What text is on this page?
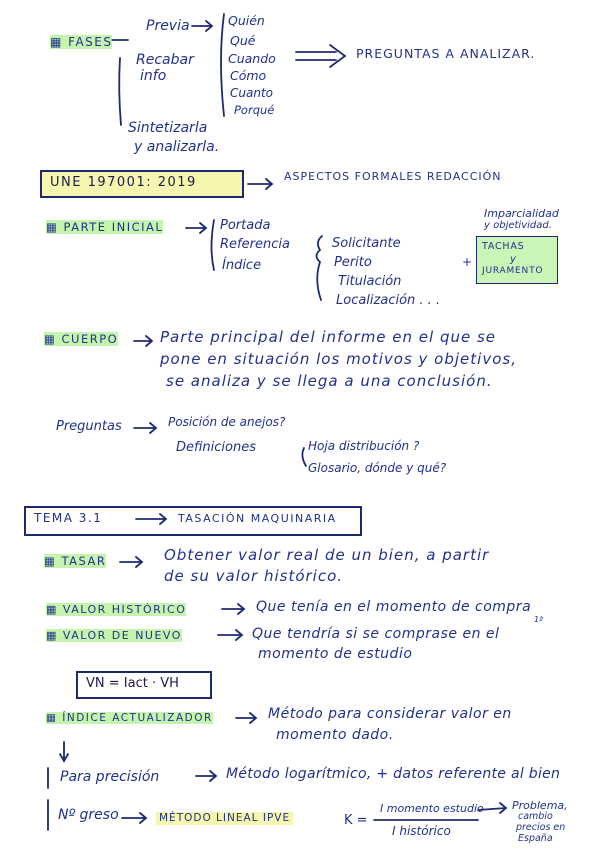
▦ FASES
Previa
Recabar
info
Sintetizarla
y analizarla.
Quién
Qué
Cuando
Cómo
Cuanto
Porqué
PREGUNTAS A ANALIZAR.
UNE 197001: 2019	ASPECTOS FORMALES REDACCIÓN
▦ PARTE INICIAL	Portada
Referencia
Índice
Solicitante
Perito
Titulación
Localización . . .
+
Imparcialidad
y objetividad.
TACHAS
y
JURAMENTO
▦ CUERPO	Parte principal del informe en el que se
pone en situación los motivos y objetivos,
se analiza y se llega a una conclusión.
Preguntas	Posición de anejos?
Definiciones	Hoja distribución ?
Glosario, dónde y qué?
TEMA 3.1	TASACIÓN MAQUINARIA
▦ TASAR	Obtener valor real de un bien, a partir
de su valor histórico.
▦ VALOR HISTÓRICO	Que tenía en el momento de compra
1ª
▦ VALOR DE NUEVO	Que tendría si se comprase en el
momento de estudio
VN = Iact · VH
▦ ÍNDICE ACTUALIZADOR	Método para considerar valor en
momento dado.
Para precisión	Método logarítmico, + datos referente al bien
Nº greso	MÉTODO LINEAL IPVE	K =
I momento estudio
I histórico
Problema,
cambio
precios en
España
